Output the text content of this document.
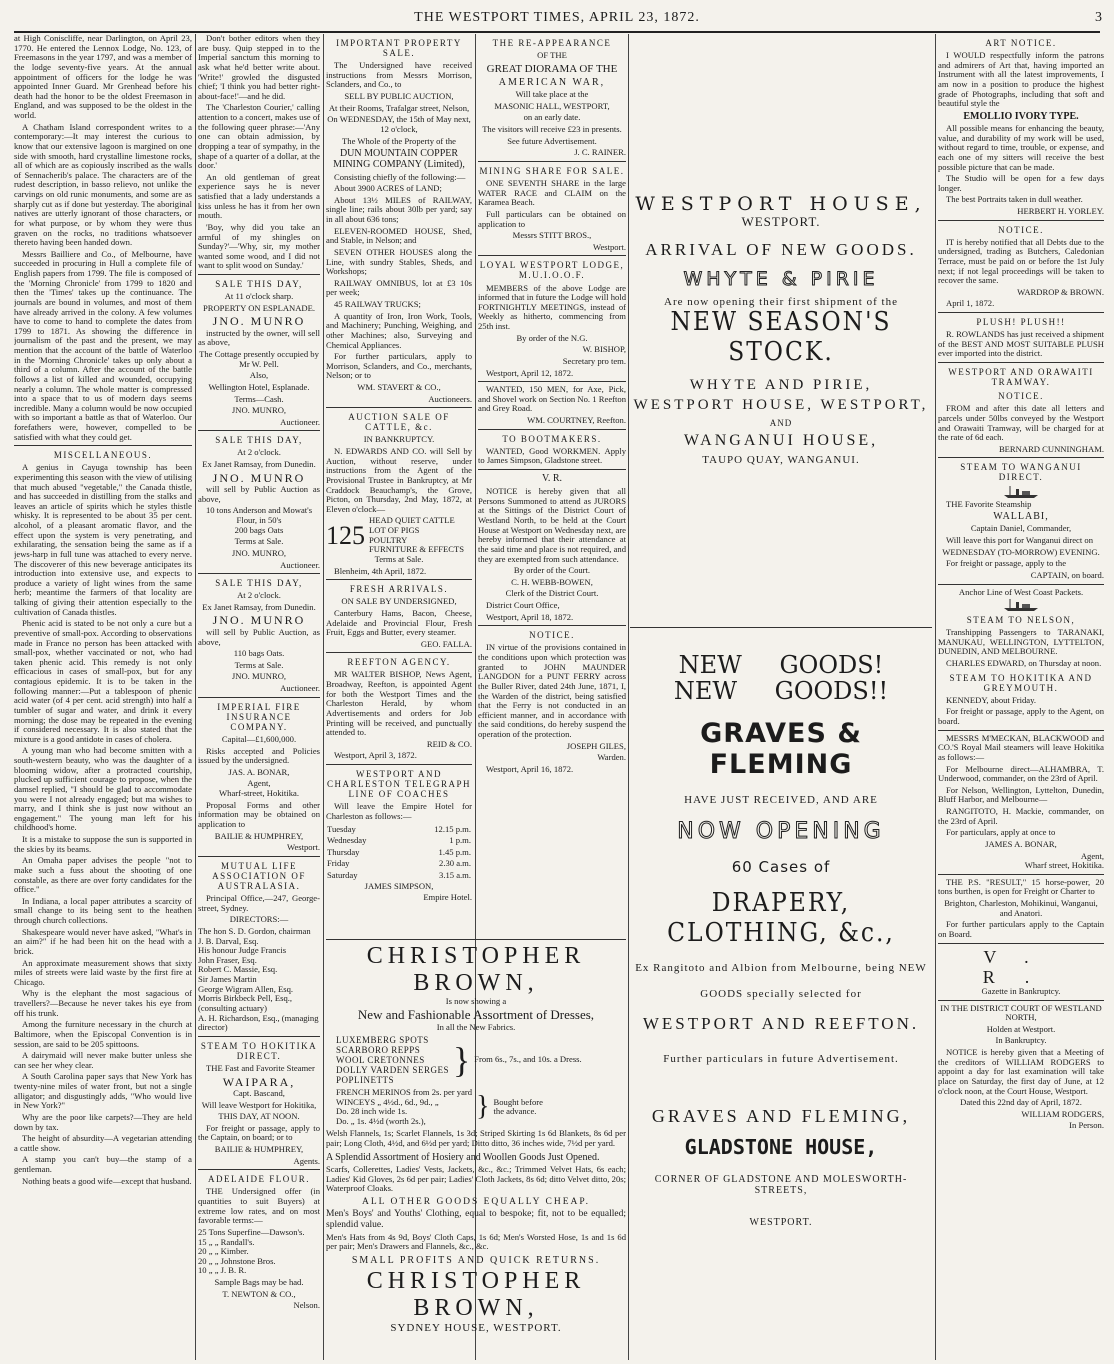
THE WESTPORT TIMES, APRIL 23, 1872.	3

at High Coniscliffe, near Darlington, on April 23, 1770. He entered the Lennox Lodge, No. 123, of Freemasons in the year 1797, and was a member of the lodge seventy-five years. At the annual appointment of officers for the lodge he was appointed Inner Guard. Mr Grenhead before his death had the honor to be the oldest Freemason in England, and was supposed to be the oldest in the world.

A Chatham Island correspondent writes to a contemporary:—It may interest the curious to know that our extensive lagoon is margined on one side with smooth, hard crystalline limestone rocks, all of which are as copiously inscribed as the walls of Sennacherib's palace. The characters are of the rudest description, in basso relievo, not unlike the carvings on old runic monuments, and some are as sharply cut as if done but yesterday. The aboriginal natives are utterly ignorant of those characters, or for what purpose, or by whom they were thus graven on the rocks, no traditions whatsoever thereto having been handed down.

Messrs Bailliere and Co., of Melbourne, have succeeded in procuring in Hull a complete file of English papers from 1799. The file is composed of the 'Morning Chronicle' from 1799 to 1820 and then the 'Times' takes up the continuance. The journals are bound in volumes, and most of them have already arrived in the colony. A few volumes have to come to hand to complete the dates from 1799 to 1871. As showing the difference in journalism of the past and the present, we may mention that the account of the battle of Waterloo in the 'Morning Chronicle' takes up only about a third of a column. After the account of the battle follows a list of killed and wounded, occupying nearly a column. The whole matter is compressed into a space that to us of modern days seems incredible. Many a column would be now occupied with so important a battle as that of Waterloo. Our forefathers were, however, compelled to be satisfied with what they could get.

MISCELLANEOUS.

A genius in Cayuga township has been experimenting this season with the view of utilising that much abused "vegetable," the Canada thistle, and has succeeded in distilling from the stalks and leaves an article of spirits which he styles thistle whisky. It is represented to be about 35 per cent. alcohol, of a pleasant aromatic flavor, and the effect upon the system is very penetrating, and exhilarating, the sensation being the same as if a jews-harp in full tune was attached to every nerve. The discoverer of this new beverage anticipates its introduction into extensive use, and expects to produce a variety of light wines from the same herb; meantime the farmers of that locality are talking of giving their attention especially to the cultivation of Canada thistles.

Phenic acid is stated to be not only a cure but a preventive of small-pox. According to observations made in France no person has been attacked with small-pox, whether vaccinated or not, who had taken phenic acid. This remedy is not only efficacious in cases of small-pox, but for any contagious epidemic. It is to be taken in the following manner:—Put a tablespoon of phenic acid water (of 4 per cent. acid strength) into half a tumbler of sugar and water, and drink it every morning; the dose may be repeated in the evening if considered necessary. It is also stated that the mixture is a good antidote in cases of cholera.

A young man who had become smitten with a south-western beauty, who was the daughter of a blooming widow, after a protracted courtship, plucked up sufficient courage to propose, when the damsel replied, "I should be glad to accommodate you were I not already engaged; but ma wishes to marry, and I think she is just now without an engagement." The young man left for his childhood's home.

It is a mistake to suppose the sun is supported in the skies by its beams.

An Omaha paper advises the people "not to make such a fuss about the shooting of one constable, as there are over forty candidates for the office."

In Indiana, a local paper attributes a scarcity of small change to its being sent to the heathen through church collections.

Shakespeare would never have asked, "What's in an aim?" if he had been hit on the head with a brick.

An approximate measurement shows that sixty miles of streets were laid waste by the first fire at Chicago.

Why is the elephant the most sagacious of travellers?—Because he never takes his eye from off his trunk.

Among the furniture necessary in the church at Baltimore, when the Episcopal Convention is in session, are said to be 205 spittoons.

A dairymaid will never make butter unless she can see her whey clear.

A South Carolina paper says that New York has twenty-nine miles of water front, but not a single alligator; and disgustingly adds, "Who would live in New York?"

Why are the poor like carpets?—They are held down by tax.

The height of absurdity—A vegetarian attending a cattle show.

A stamp you can't buy—the stamp of a gentleman.

Nothing beats a good wife—except that husband.

Don't bother editors when they are busy. Quip stepped in to the Imperial sanctum this morning to ask what he'd better write about. 'Write!' growled the disgusted chief; 'I think you had better right-about-face!'—and he did.

The 'Charleston Courier,' calling attention to a concert, makes use of the following queer phrase:—'Any one can obtain admission, by dropping a tear of sympathy, in the shape of a quarter of a dollar, at the door.'

An old gentleman of great experience says he is never satisfied that a lady understands a kiss unless he has it from her own mouth.

'Boy, why did you take an armful of my shingles on Sunday?'—'Why, sir, my mother wanted some wood, and I did not want to split wood on Sunday.'

SALE THIS DAY,

At 11 o'clock sharp.

PROPERTY ON ESPLANADE.

JNO. MUNRO

instructed by the owner, will sell as above,

The Cottage presently occupied by Mr W. Pell.

Also,

Wellington Hotel, Esplanade.

Terms—Cash.

JNO. MUNRO,

Auctioneer.

SALE THIS DAY,

At 2 o'clock.

Ex Janet Ramsay, from Dunedin.

JNO. MUNRO

will sell by Public Auction as above,

10 tons Anderson and Mowat's Flour, in 50's
200 bags Oats

Terms at Sale.

JNO. MUNRO,

Auctioneer.

SALE THIS DAY,

At 2 o'clock.

Ex Janet Ramsay, from Dunedin.

JNO. MUNRO

will sell by Public Auction, as above,

110 bags Oats.

Terms at Sale.

JNO. MUNRO,

Auctioneer.

IMPERIAL FIRE INSURANCE COMPANY.

Capital—£1,600,000.

Risks accepted and Policies issued by the undersigned.

JAS. A. BONAR,

Agent,
Wharf-street, Hokitika.

Proposal Forms and other information may be obtained on application to

BAILIE & HUMPHREY,

Westport.

MUTUAL LIFE ASSOCIATION OF AUSTRALASIA.

Principal Office,—247, George-street, Sydney.

DIRECTORS:—

The hon S. D. Gordon, chairman
J. B. Darval, Esq.
His honour Judge Francis
John Fraser, Esq.
Robert C. Massie, Esq.
Sir James Martin
George Wigram Allen, Esq.
Morris Birkbeck Pell, Esq., (consulting actuary)
A. H. Richardson, Esq., (managing director)

STEAM TO HOKITIKA DIRECT.

THE Fast and Favorite Steamer

WAIPARA,

Capt. Bascand,

Will leave Westport for Hokitika,

THIS DAY, AT NOON.

For freight or passage, apply to the Captain, on board; or to

BAILIE & HUMPHREY,

Agents.

ADELAIDE FLOUR.

THE Undersigned offer (in quantities to suit Buyers) at extreme low rates, and on most favorable terms:—

25 Tons Superfine—Dawson's.
15 „ „ Randall's.
20 „ „ Kimber.
20 „ „ Johnstone Bros.
10 „ „ J. B. R.

Sample Bags may be had.

T. NEWTON & CO.,

Nelson.

IMPORTANT PROPERTY SALE.

The Undersigned have received instructions from Messrs Morrison, Sclanders, and Co., to

SELL BY PUBLIC AUCTION,

At their Rooms, Trafalgar street, Nelson,

On WEDNESDAY, the 15th of May next, 12 o'clock,

The Whole of the Property of the

DUN MOUNTAIN COPPER MINING COMPANY (Limited),

Consisting chiefly of the following:—

About 3900 ACRES of LAND;

About 13½ MILES of RAILWAY, single line; rails about 30lb per yard; say in all about 636 tons;

ELEVEN-ROOMED HOUSE, Shed, and Stable, in Nelson; and

SEVEN OTHER HOUSES along the Line, with sundry Stables, Sheds, and Workshops;

RAILWAY OMNIBUS, lot at £3 10s per week;

45 RAILWAY TRUCKS;

A quantity of Iron, Iron Work, Tools, and Machinery; Punching, Weighing, and other Machines; also, Surveying and Chemical Appliances.

For further particulars, apply to Morrison, Sclanders, and Co., merchants, Nelson; or to

WM. STAVERT & CO.,

Auctioneers.

AUCTION SALE OF CATTLE, &c.

IN BANKRUPTCY.

N. EDWARDS AND CO. will Sell by Auction, without reserve, under instructions from the Agent of the Provisional Trustee in Bankruptcy, at Mr Craddock Beauchamp's, the Grove, Picton, on Thursday, 2nd May, 1872, at Eleven o'clock—

125
HEAD QUIET CATTLE
LOT OF PIGS
POULTRY
FURNITURE & EFFECTS

Terms at Sale.

Blenheim, 4th April, 1872.

FRESH ARRIVALS.

ON SALE BY UNDERSIGNED,

Canterbury Hams, Bacon, Cheese, Adelaide and Provincial Flour, Fresh Fruit, Eggs and Butter, every steamer.

GEO. FALLA.

REEFTON AGENCY.

MR WALTER BISHOP, News Agent, Broadway, Reefton, is appointed Agent for both the Westport Times and the Charleston Herald, by whom Advertisements and orders for Job Printing will be received, and punctually attended to.

REID & CO.

Westport, April 3, 1872.

WESTPORT AND CHARLESTON TELEGRAPH LINE OF COACHES

Will leave the Empire Hotel for Charleston as follows:—

Tuesday	12.15 p.m.
Wednesday	1 p.m.
Thursday	1.45 p.m.
Friday	2.30 a.m.
Saturday	3.15 a.m.

JAMES SIMPSON,

Empire Hotel.

THE RE-APPEARANCE

OF THE

GREAT DIORAMA OF THE

AMERICAN WAR,

Will take place at the

MASONIC HALL, WESTPORT,

on an early date.

The visitors will receive £23 in presents.

See future Advertisement.

J. C. RAINER.

MINING SHARE FOR SALE.

ONE SEVENTH SHARE in the large WATER RACE and CLAIM on the Karamea Beach.

Full particulars can be obtained on application to

Messrs STITT BROS.,

Westport.

LOYAL WESTPORT LODGE, M.U.I.O.O.F.

MEMBERS of the above Lodge are informed that in future the Lodge will hold FORTNIGHTLY MEETINGS, instead of Weekly as hitherto, commencing from 25th inst.

By order of the N.G.

W. BISHOP,

Secretary pro tem.

Westport, April 12, 1872.

WANTED, 150 MEN, for Axe, Pick, and Shovel work on Section No. 1 Reefton and Grey Road.

WM. COURTNEY, Reefton.

TO BOOTMAKERS.

WANTED, Good WORKMEN. Apply to James Simpson, Gladstone street.

V. R.

NOTICE is hereby given that all Persons Summoned to attend as JURORS at the Sittings of the District Court of Westland North, to be held at the Court House at Westport on Wednesday next, are hereby informed that their attendance at the said time and place is not required, and they are exempted from such attendance.

By order of the Court.

C. H. WEBB-BOWEN,

Clerk of the District Court.

District Court Office,

Westport, April 18, 1872.

NOTICE.

IN virtue of the provisions contained in the conditions upon which protection was granted to JOHN MAUNDER LANGDON for a PUNT FERRY across the Buller River, dated 24th June, 1871, I, the Warden of the district, being satisfied that the Ferry is not conducted in an efficient manner, and in accordance with the said conditions, do hereby suspend the operation of the protection.

JOSEPH GILES,

Warden.

Westport, April 16, 1872.

CHRISTOPHER BROWN,

Is now showing a

New and Fashionable Assortment of Dresses,

In all the New Fabrics.

LUXEMBERG SPOTS
SCARBORO REPPS
WOOL CRETONNES
DOLLY VARDEN SERGES
POPLINETTS
} From 6s., 7s., and 10s. a Dress.
FRENCH MERINOS from 2s. per yard
WINCEYS „ 4½d., 6d., 9d., „
Do. 28 inch wide 1s.
Do. „ 1s. 4½d (worth 2s.),	} Bought before the advance.

Welsh Flannels, 1s; Scarlet Flannels, 1s 3d; Striped Skirting 1s 6d Blankets, 8s 6d per pair; Long Cloth, 4½d, and 6½d per yard; Ditto ditto, 36 inches wide, 7½d per yard.

A Splendid Assortment of Hosiery and Woollen Goods Just Opened.

Scarfs, Collerettes, Ladies' Vests, Jackets, &c., &c.; Trimmed Velvet Hats, 6s each; Ladies' Kid Gloves, 2s 6d per pair; Ladies' Cloth Jackets, 8s 6d; ditto Velvet ditto, 20s; Waterproof Cloaks.

ALL OTHER GOODS EQUALLY CHEAP.

Men's Boys' and Youths' Clothing, equal to bespoke; fit, not to be equalled; splendid value.

Men's Hats from 4s 9d, Boys' Cloth Caps, 1s 6d; Men's Worsted Hose, 1s and 1s 6d per pair; Men's Drawers and Flannels, &c., &c.

SMALL PROFITS AND QUICK RETURNS.

CHRISTOPHER BROWN,

SYDNEY HOUSE, WESTPORT.

WESTPORT HOUSE,
WESTPORT.
ARRIVAL OF NEW GOODS.
WHYTE & PIRIE
Are now opening their first shipment of the
NEW SEASON'S STOCK.
WHYTE AND PIRIE,
WESTPORT HOUSE, WESTPORT,
AND
WANGANUI HOUSE,
TAUPO QUAY, WANGANUI.
NEW GOODS! NEW GOODS!!
GRAVES & FLEMING
HAVE JUST RECEIVED, AND ARE
NOW OPENING
60 Cases of
DRAPERY, CLOTHING, &c.,
Ex Rangitoto and Albion from Melbourne, being NEW
GOODS specially selected for
WESTPORT AND REEFTON.
Further particulars in future Advertisement.
GRAVES AND FLEMING,
GLADSTONE HOUSE,
CORNER OF GLADSTONE AND MOLESWORTH-STREETS,
WESTPORT.
ART NOTICE.

I WOULD respectfully inform the patrons and admirers of Art that, having imported an Instrument with all the latest improvements, I am now in a position to produce the highest grade of Photographs, including that soft and beautiful style the

EMOLLIO IVORY TYPE.

All possible means for enhancing the beauty, value, and durability of my work will be used, without regard to time, trouble, or expense, and each one of my sitters will receive the best possible picture that can be made.

The Studio will be open for a few days longer.

The best Portraits taken in dull weather.

HERBERT H. YORLEY.

NOTICE.

IT is hereby notified that all Debts due to the undersigned, trading as Butchers, Caledonian Terrace, must be paid on or before the 1st July next; if not legal proceedings will be taken to recover the same.

WARDROP & BROWN.

April 1, 1872.

PLUSH! PLUSH!!

R. ROWLANDS has just received a shipment of the BEST AND MOST SUITABLE PLUSH ever imported into the district.

WESTPORT AND ORAWAITI TRAMWAY.
NOTICE.

FROM and after this date all letters and parcels under 50lbs conveyed by the Westport and Orawaiti Tramway, will be charged for at the rate of 6d each.

BERNARD CUNNINGHAM.

STEAM TO WANGANUI DIRECT.

THE Favorite Steamship

WALLABI,

Captain Daniel, Commander,

Will leave this port for Wanganui direct on

WEDNESDAY (TO-MORROW) EVENING.

For freight or passage, apply to the

CAPTAIN, on board.

Anchor Line of West Coast Packets.

STEAM TO NELSON,

Transhipping Passengers to TARANAKI, MANUKAU, WELLINGTON, LYTTELTON, DUNEDIN, AND MELBOURNE.

CHARLES EDWARD, on Thursday at noon.

STEAM TO HOKITIKA AND GREYMOUTH.

KENNEDY, about Friday.

For freight or passage, apply to the Agent, on board.

MESSRS M'MECKAN, BLACKWOOD and CO.'S Royal Mail steamers will leave Hokitika as follows:—

For Melbourne direct—ALHAMBRA, T. Underwood, commander, on the 23rd of April.

For Nelson, Wellington, Lyttelton, Dunedin, Bluff Harbor, and Melbourne—

RANGITOTO, H. Mackie, commander, on the 23rd of April.

For particulars, apply at once to

JAMES A. BONAR,

Agent,
Wharf street, Hokitika.

THE P.S. "RESULT," 15 horse-power, 20 tons burthen, is open for Freight or Charter to

Brighton, Charleston, Mohikinui, Wanganui, and Anatori.

For further particulars apply to the Captain on Board.

V. R.

Gazette in Bankruptcy.

IN THE DISTRICT COURT OF WESTLAND NORTH,

Holden at Westport.

In Bankruptcy.

NOTICE is hereby given that a Meeting of the creditors of WILLIAM RODGERS to appoint a day for last examination will take place on Saturday, the first day of June, at 12 o'clock noon, at the Court House, Westport.

Dated this 22nd day of April, 1872.

WILLIAM RODGERS,

In Person.
